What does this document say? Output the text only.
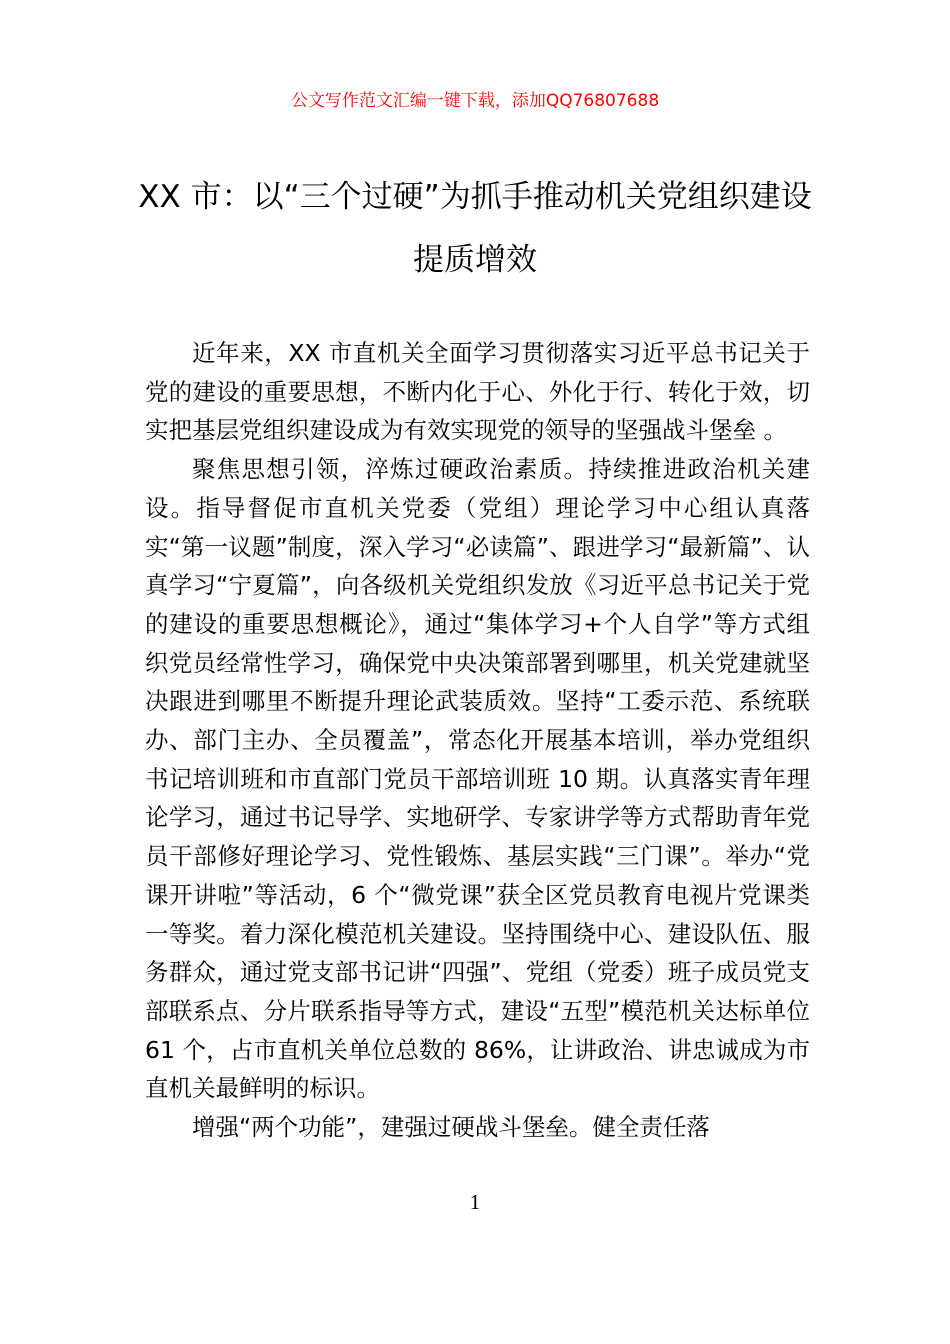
公文写作范文汇编一键下载，添加QQ76807688
XX 市：以“三个过硬”为抓手推动机关党组织建设提质增效

近年来，XX 市直机关全面学习贯彻落实习近平总书记关于党的建设的重要思想，不断内化于心、外化于行、转化于效，切实把基层党组织建设成为有效实现党的领导的坚强战斗堡垒 。

聚焦思想引领，淬炼过硬政治素质。持续推进政治机关建设。指导督促市直机关党委（党组）理论学习中心组认真落实“第一议题”制度，深入学习“必读篇”、跟进学习“最新篇”、认真学习“宁夏篇”，向各级机关党组织发放《习近平总书记关于党的建设的重要思想概论》，通过“集体学习+个人自学”等方式组织党员经常性学习，确保党中央决策部署到哪里，机关党建就坚决跟进到哪里不断提升理论武装质效。坚持“工委示范、系统联办、部门主办、全员覆盖”，常态化开展基本培训，举办党组织书记培训班和市直部门党员干部培训班 10 期。认真落实青年理论学习，通过书记导学、实地研学、专家讲学等方式帮助青年党员干部修好理论学习、党性锻炼、基层实践“三门课”。举办“党课开讲啦”等活动，6 个“微党课”获全区党员教育电视片党课类一等奖。着力深化模范机关建设。坚持围绕中心、建设队伍、服务群众，通过党支部书记讲“四强”、党组（党委）班子成员党支部联系点、分片联系指导等方式，建设“五型”模范机关达标单位 61 个，占市直机关单位总数的 86%，让讲政治、讲忠诚成为市直机关最鲜明的标识。

增强“两个功能”，建强过硬战斗堡垒。健全责任落

1
